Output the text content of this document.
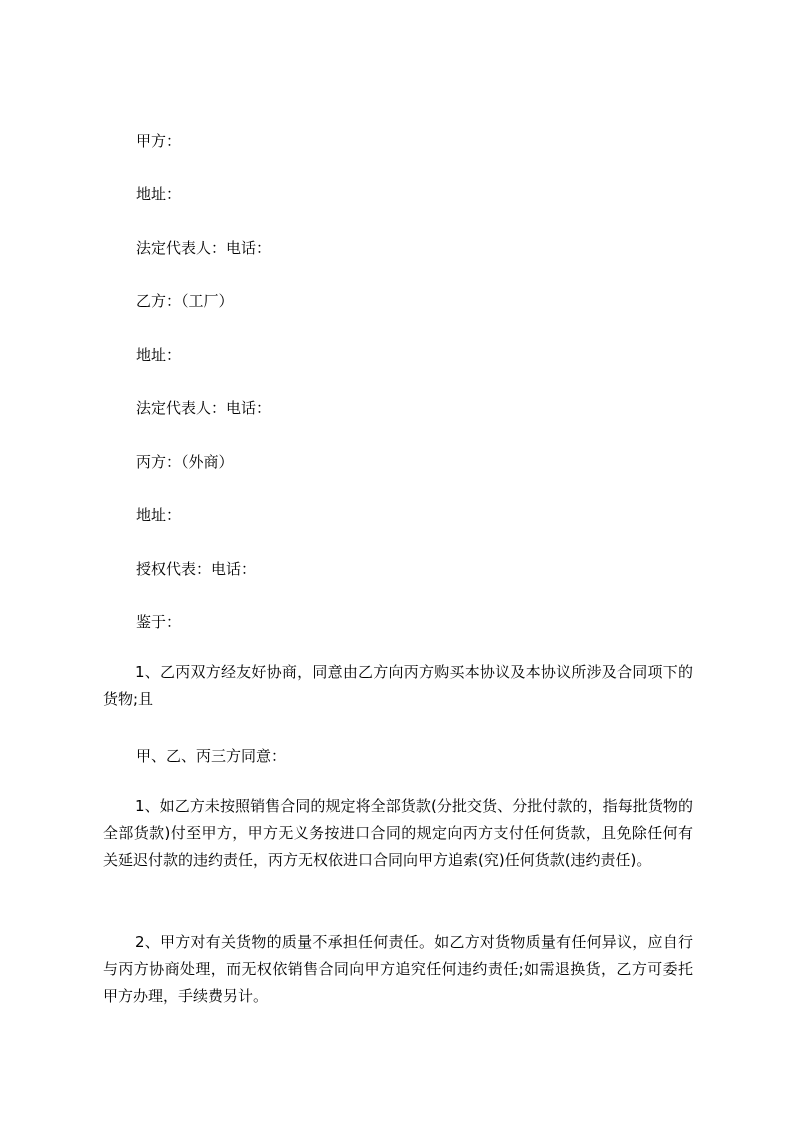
甲方：
地址：
法定代表人：电话：
乙方：（工厂）
地址：
法定代表人：电话：
丙方：（外商）
地址：
授权代表：电话：
鉴于：
1、乙丙双方经友好协商，同意由乙方向丙方购买本协议及本协议所涉及合同项下的货物;且
甲、乙、丙三方同意：
1、如乙方未按照销售合同的规定将全部货款(分批交货、分批付款的，指每批货物的全部货款)付至甲方，甲方无义务按进口合同的规定向丙方支付任何货款，且免除任何有关延迟付款的违约责任，丙方无权依进口合同向甲方追索(究)任何货款(违约责任)。
2、甲方对有关货物的质量不承担任何责任。如乙方对货物质量有任何异议，应自行与丙方协商处理，而无权依销售合同向甲方追究任何违约责任;如需退换货，乙方可委托甲方办理，手续费另计。
